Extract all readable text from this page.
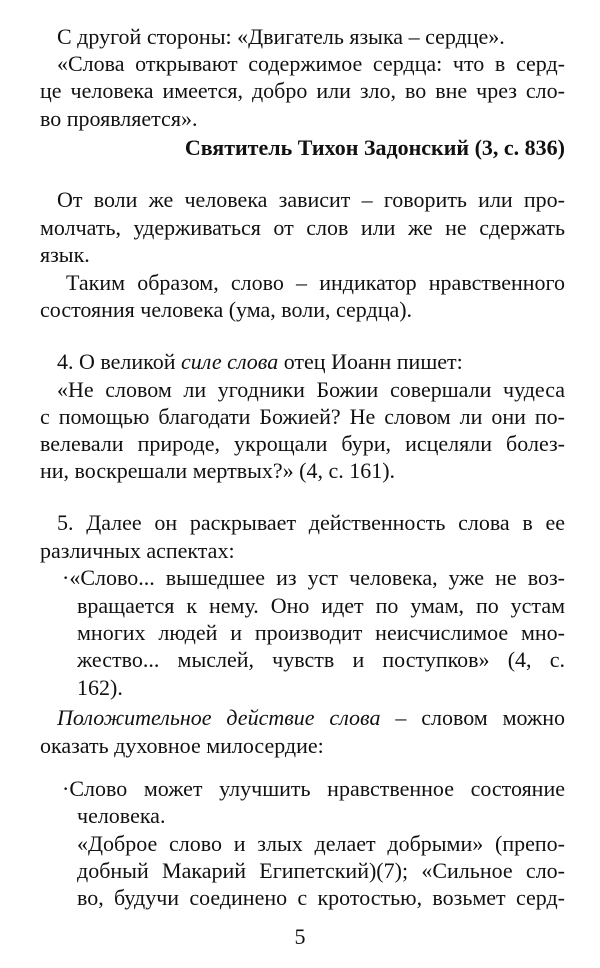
С другой стороны: «Двигатель языка – сердце».
«Слова открывают содержимое сердца: что в серд-
це человека имеется, добро или зло, во вне чрез сло-
во проявляется».
Святитель Тихон Задонский (3, с. 836)
От воли же человека зависит – говорить или про-
молчать, удерживаться от слов или же не сдержать
язык.
Таким образом, слово – индикатор нравственного
состояния человека (ума, воли, сердца).
4. О великой силе слова отец Иоанн пишет:
«Не словом ли угодники Божии совершали чудеса
с помощью благодати Божией? Не словом ли они по-
велевали природе, укрощали бури, исцеляли болез-
ни, воскрешали мертвых?» (4, с. 161).
5. Далее он раскрывает действенность слова в ее
различных аспектах:
·«Слово... вышедшее из уст человека, уже не воз-
вращается к нему. Оно идет по умам, по устам
многих людей и производит неисчислимое мно-
жество... мыслей, чувств и поступков» (4, с.
162).
Положительное действие слова – словом можно
оказать духовное милосердие:
·Слово может улучшить нравственное состояние
человека.
«Доброе слово и злых делает добрыми» (препо-
добный Макарий Египетский)(7); «Сильное сло-
во, будучи соединено с кротостью, возьмет серд-
5
